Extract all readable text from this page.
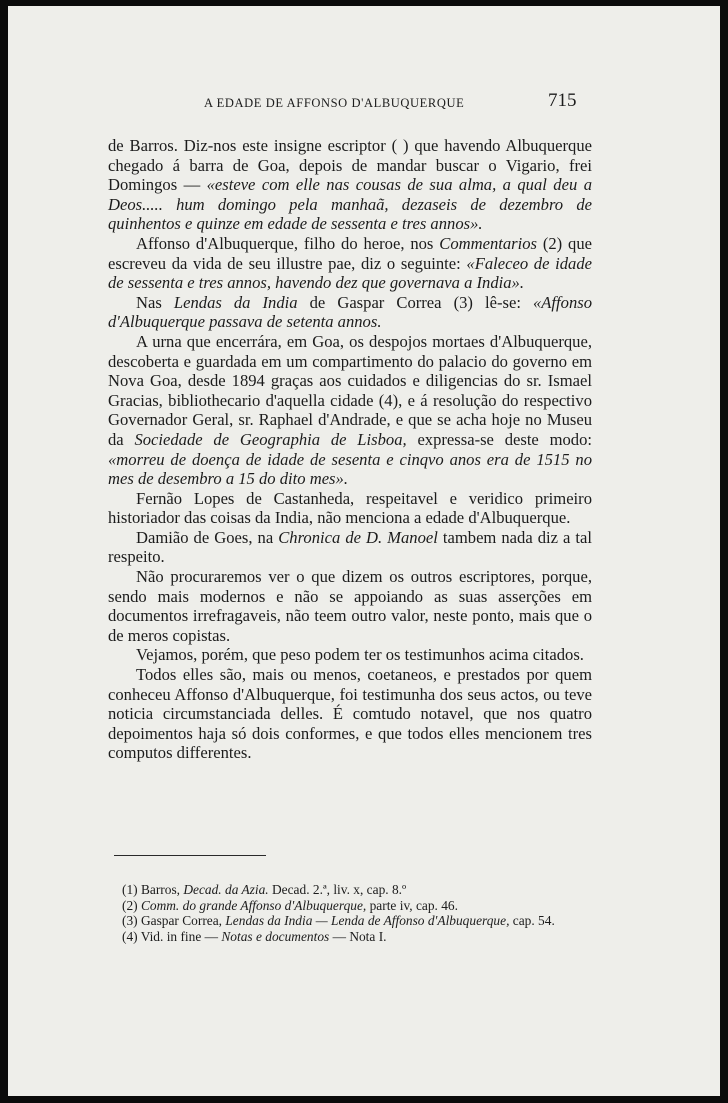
A EDADE DE AFFONSO D'ALBUQUERQUE	715

de Barros. Diz-nos este insigne escriptor ( ) que havendo Albuquerque chegado á barra de Goa, depois de mandar buscar o Vigario, frei Domingos — «esteve com elle nas cousas de sua alma, a qual deu a Deos..... hum domingo pela manhaã, dezaseis de dezembro de quinhentos e quinze em edade de sessenta e tres annos».

Affonso d'Albuquerque, filho do heroe, nos Commentarios (2) que escreveu da vida de seu illustre pae, diz o seguinte: «Faleceo de idade de sessenta e tres annos, havendo dez que governava a India».

Nas Lendas da India de Gaspar Correa (3) lê-se: «Affonso d'Albuquerque passava de setenta annos.

A urna que encerrára, em Goa, os despojos mortaes d'Albuquerque, descoberta e guardada em um compartimento do palacio do governo em Nova Goa, desde 1894 graças aos cuidados e diligencias do sr. Ismael Gracias, bibliothecario d'aquella cidade (4), e á resolução do respectivo Governador Geral, sr. Raphael d'Andrade, e que se acha hoje no Museu da Sociedade de Geographia de Lisboa, expressa-se deste modo: «morreu de doença de idade de sesenta e cinqvo anos era de 1515 no mes de desembro a 15 do dito mes».

Fernão Lopes de Castanheda, respeitavel e veridico primeiro historiador das coisas da India, não menciona a edade d'Albuquerque.

Damião de Goes, na Chronica de D. Manoel tambem nada diz a tal respeito.

Não procuraremos ver o que dizem os outros escriptores, porque, sendo mais modernos e não se appoiando as suas asserções em documentos irrefragaveis, não teem outro valor, neste ponto, mais que o de meros copistas.

Vejamos, porém, que peso podem ter os testimunhos acima citados.

Todos elles são, mais ou menos, coetaneos, e prestados por quem conheceu Affonso d'Albuquerque, foi testimunha dos seus actos, ou teve noticia circumstanciada delles. É comtudo notavel, que nos quatro depoimentos haja só dois conformes, e que todos elles mencionem tres computos differentes.

(1) Barros, Decad. da Azia. Decad. 2.ª, liv. x, cap. 8.º
(2) Comm. do grande Affonso d'Albuquerque, parte iv, cap. 46.
(3) Gaspar Correa, Lendas da India — Lenda de Affonso d'Albuquerque, cap. 54.
(4) Vid. in fine — Notas e documentos — Nota I.
